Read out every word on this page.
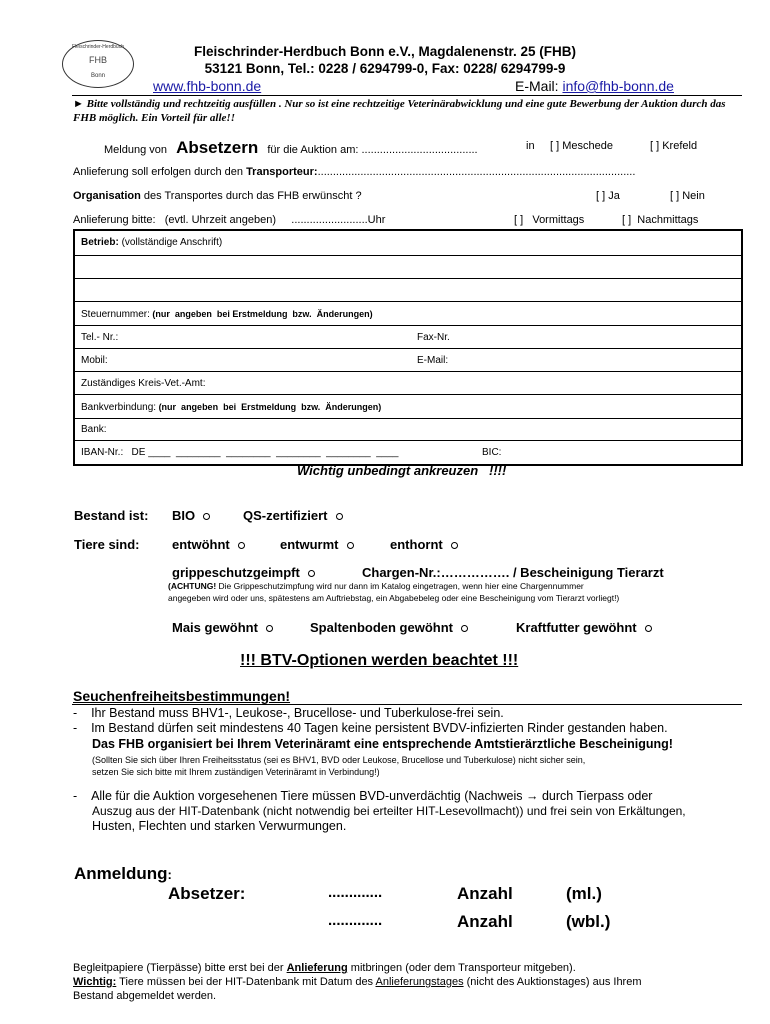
Fleischrinder-Herdbuch
FHB
Bonn
Fleischrinder-Herdbuch Bonn e.V., Magdalenenstr. 25 (FHB)
53121 Bonn, Tel.: 0228 / 6294799-0, Fax: 0228/ 6294799-9
www.fhb-bonn.de	E-Mail: info@fhb-bonn.de
► Bitte vollständig und rechtzeitig ausfüllen . Nur so ist eine rechtzeitige Veterinärabwicklung und eine gute Bewerbung der Auktion durch das FHB möglich. Ein Vorteil für alle!!
Meldung von Absetzern für die Auktion am: ......................................	in [ ] Meschede	[ ] Krefeld
Anlieferung soll erfolgen durch den Transporteur:........................................................................................................
Organisation des Transportes durch das FHB erwünscht ?	[ ] Ja	[ ] Nein
Anlieferung bitte:   (evtl. Uhrzeit angeben)     .........................Uhr	[ ]   Vormittags	[ ]  Nachmittags
Betrieb: (vollständige Anschrift)
Steuernummer: (nur  angeben  bei Erstmeldung  bzw.  Änderungen)
Tel.- Nr.:	Fax-Nr.
Mobil:	E-Mail:
Zuständiges Kreis-Vet.-Amt:
Bankverbindung: (nur  angeben  bei  Erstmeldung  bzw.  Änderungen)
Bank:
IBAN-Nr.:   DE ____  ________  ________  ________  ________  ____	BIC:
Wichtig unbedingt ankreuzen   !!!!
Bestand ist: BIO	QS-zertifiziert
Tiere sind: entwöhnt	entwurmt	enthornt
grippeschutzgeimpft	Chargen-Nr.:……………. / Bescheinigung Tierarzt
(ACHTUNG! Die Grippeschutzimpfung wird nur dann im Katalog eingetragen, wenn hier eine Chargennummer
angegeben wird oder uns, spätestens am Auftriebstag, ein Abgabebeleg oder eine Bescheinigung vom Tierarzt vorliegt!)
Mais gewöhnt	Spaltenboden gewöhnt	Kraftfutter gewöhnt
!!! BTV-Optionen werden beachtet !!!
Seuchenfreiheitsbestimmungen!
-    Ihr Bestand muss BHV1-, Leukose-, Brucellose- und Tuberkulose-frei sein.
-    Im Bestand dürfen seit mindestens 40 Tagen keine persistent BVDV-infizierten Rinder gestanden haben.
Das FHB organisiert bei Ihrem Veterinäramt eine entsprechende Amtstierärztliche Bescheinigung!
(Sollten Sie sich über Ihren Freiheitsstatus (sei es BHV1, BVD oder Leukose, Brucellose und Tuberkulose) nicht sicher sein,
setzen Sie sich bitte mit Ihrem zuständigen Veterinäramt in Verbindung!)
-    Alle für die Auktion vorgesehenen Tiere müssen BVD-unverdächtig (Nachweis → durch Tierpass oder
Auszug aus der HIT-Datenbank (nicht notwendig bei erteilter HIT-Lesevollmacht)) und frei sein von Erkältungen,
Husten, Flechten und starken Verwurmungen.
Anmeldung:
Absetzer:	.............	Anzahl	(ml.)
.............	Anzahl	(wbl.)
Begleitpapiere (Tierpässe) bitte erst bei der Anlieferung mitbringen (oder dem Transporteur mitgeben).
Wichtig: Tiere müssen bei der HIT-Datenbank mit Datum des Anlieferungstages (nicht des Auktionstages) aus Ihrem
Bestand abgemeldet werden.
